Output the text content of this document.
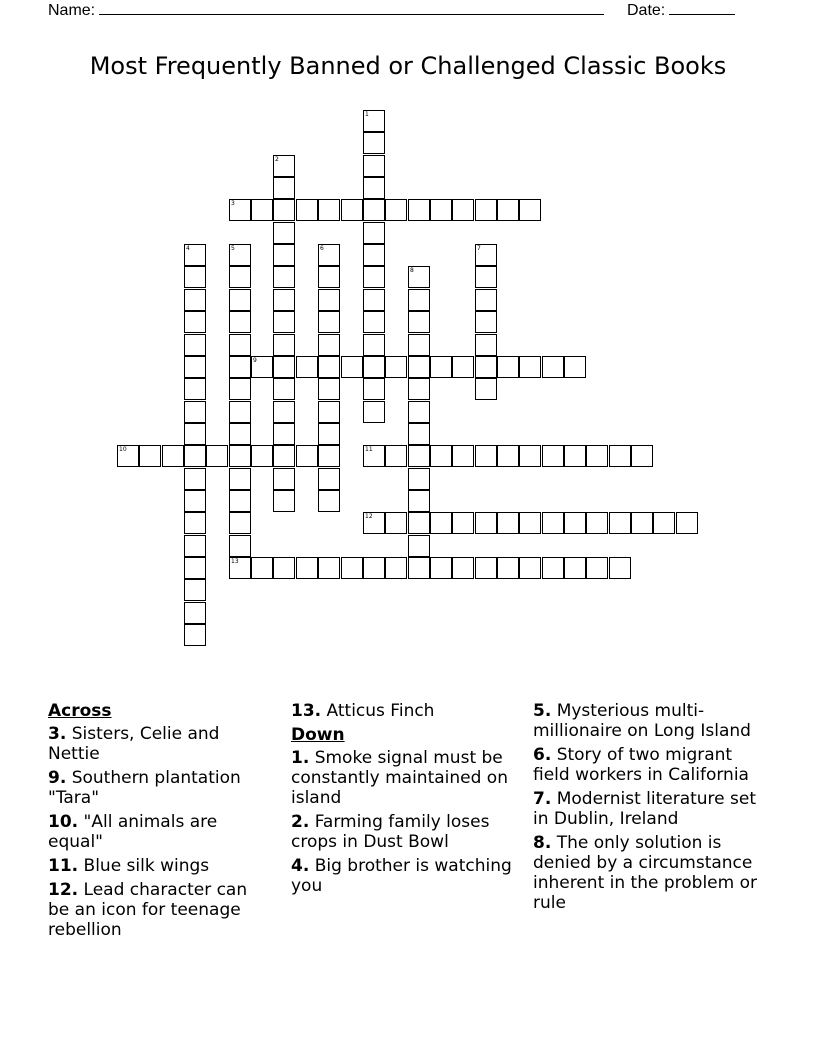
Name:	Date:
Most Frequently Banned or Challenged Classic Books
1
2
3
4	5	6	7
8
9
10	11
12
13
Across
3. Sisters, Celie and Nettie
9. Southern plantation "Tara"
10. "All animals are equal"
11. Blue silk wings
12. Lead character can be an icon for teenage rebellion
13. Atticus Finch
Down
1. Smoke signal must be constantly maintained on island
2. Farming family loses crops in Dust Bowl
4. Big brother is watching you
5. Mysterious multi-millionaire on Long Island
6. Story of two migrant field workers in California
7. Modernist literature set in Dublin, Ireland
8. The only solution is denied by a circumstance inherent in the problem or rule
